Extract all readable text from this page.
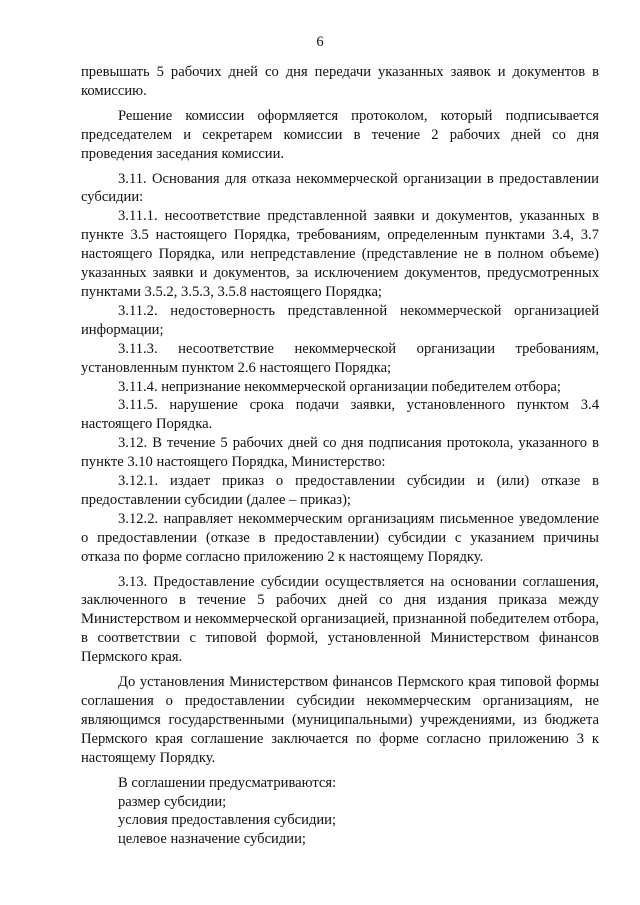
6

превышать 5 рабочих дней со дня передачи указанных заявок и документов в комиссию.

Решение комиссии оформляется протоколом, который подписывается председателем и секретарем комиссии в течение 2 рабочих дней со дня проведения заседания комиссии.

3.11. Основания для отказа некоммерческой организации в предоставлении субсидии:

3.11.1. несоответствие представленной заявки и документов, указанных в пункте 3.5 настоящего Порядка, требованиям, определенным пунктами 3.4, 3.7 настоящего Порядка, или непредставление (представление не в полном объеме) указанных заявки и документов, за исключением документов, предусмотренных пунктами 3.5.2, 3.5.3, 3.5.8 настоящего Порядка;

3.11.2. недостоверность представленной некоммерческой организацией информации;

3.11.3. несоответствие некоммерческой организации требованиям, установленным пунктом 2.6 настоящего Порядка;

3.11.4. непризнание некоммерческой организации победителем отбора;

3.11.5. нарушение срока подачи заявки, установленного пунктом 3.4 настоящего Порядка.

3.12. В течение 5 рабочих дней со дня подписания протокола, указанного в пункте 3.10 настоящего Порядка, Министерство:

3.12.1. издает приказ о предоставлении субсидии и (или) отказе в предоставлении субсидии (далее – приказ);

3.12.2. направляет некоммерческим организациям письменное уведомление о предоставлении (отказе в предоставлении) субсидии с указанием причины отказа по форме согласно приложению 2 к настоящему Порядку.

3.13. Предоставление субсидии осуществляется на основании соглашения, заключенного в течение 5 рабочих дней со дня издания приказа между Министерством и некоммерческой организацией, признанной победителем отбора, в соответствии с типовой формой, установленной Министерством финансов Пермского края.

До установления Министерством финансов Пермского края типовой формы соглашения о предоставлении субсидии некоммерческим организациям, не являющимся государственными (муниципальными) учреждениями, из бюджета Пермского края соглашение заключается по форме согласно приложению 3 к настоящему Порядку.

В соглашении предусматриваются:

размер субсидии;

условия предоставления субсидии;

целевое назначение субсидии;
